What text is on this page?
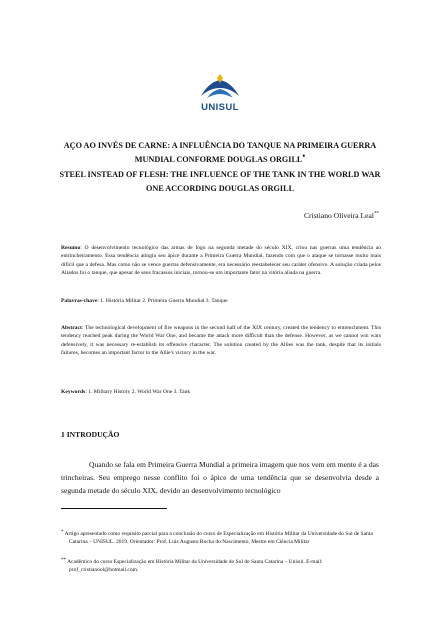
UNISUL
AÇO AO INVÉS DE CARNE: A INFLUÊNCIA DO TANQUE NA PRIMEIRA GUERRA MUNDIAL CONFORME DOUGLAS ORGILL•
STEEL INSTEAD OF FLESH: THE INFLUENCE OF THE TANK IN THE WORLD WAR ONE ACCORDING DOUGLAS ORGILL
Cristiano Oliveira Leal**
Resumo: O desenvolvimento tecnológico das armas de fogo na segunda metade do século XIX, criou nas guerras uma tendência ao entrincheiramento. Essa tendência atingiu seu ápice durante a Primeira Guerra Mundial, fazendo com que o ataque se tornasse muito mais difícil que a defesa. Mas como não se vence guerras defensivamente, era necessário reestabelecer seu caráter ofensivo. A solução criada pelos Aliados foi o tanque, que apesar de seus fracassos iniciais, tornou-se um importante fator na vitória aliada na guerra.
Palavras-chave: 1. História Militar 2. Primeira Guerra Mundial 3. Tanque
Abstract: The technological development of fire weapons in the second half of the XIX century, created the tendency to entrenchment. This tendency reached peak during the World War One, and became the attack more difficult than the defense. However, as we cannot win wars defensively, it was necessary re-establish its offensive character. The solution created by the Allies was the tank, despite that its initials failures, becomes an important factor to the Allie's victory in the war.
Keywords: 1. Military History 2. World War One 3. Tank
1 INTRODUÇÃO
Quando se fala em Primeira Guerra Mundial a primeira imagem que nos vem em mente é a das trincheiras. Seu emprego nesse conflito foi o ápice de uma tendência que se desenvolvia desde a segunda metade do século XIX, devido ao desenvolvimento tecnológico
* Artigo apresentado como requisito parcial para a conclusão do curso de Especialização em História Militar da Universidade do Sul de Santa Catarina – UNISUL. 2019. Orientador: Prof. Luiz Augusto Rocha do Nascimento, Mestre em Ciência Militar
** Acadêmico do curso Especialização em História Militar da Universidade do Sul de Santa Catarina – Unisul. E-mail: prof_cristianool@hotmail.com.
